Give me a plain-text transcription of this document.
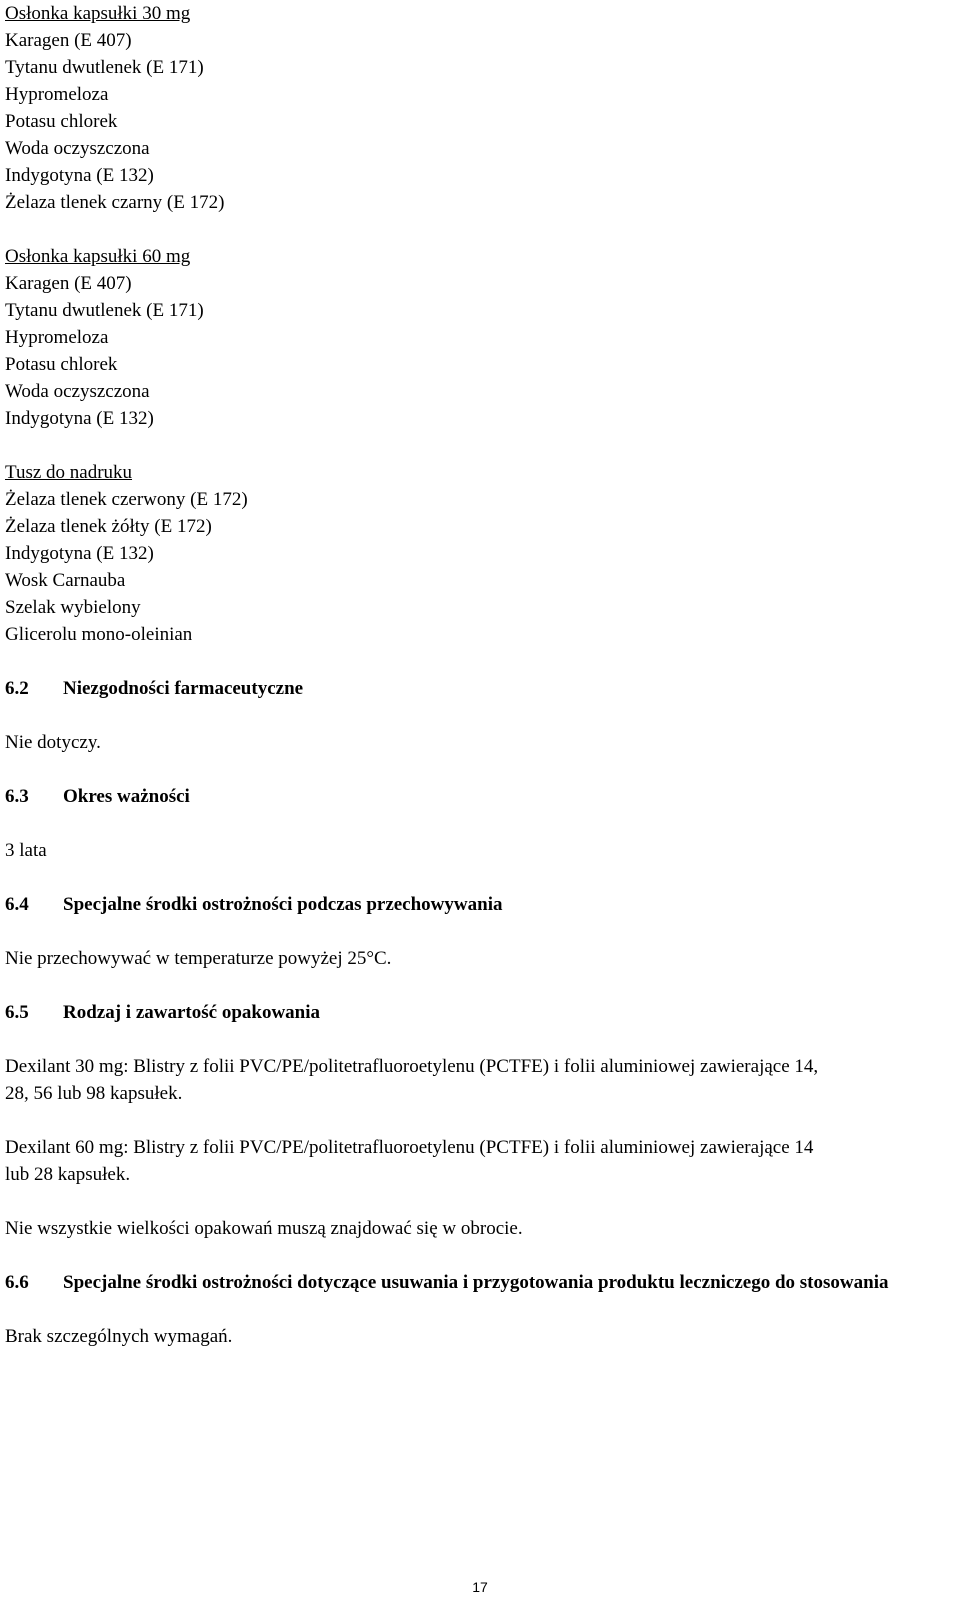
Osłonka kapsułki 30 mg

Karagen (E 407)

Tytanu dwutlenek (E 171)

Hypromeloza

Potasu chlorek

Woda oczyszczona

Indygotyna (E 132)

Żelaza tlenek czarny (E 172)

Osłonka kapsułki 60 mg

Karagen (E 407)

Tytanu dwutlenek (E 171)

Hypromeloza

Potasu chlorek

Woda oczyszczona

Indygotyna (E 132)

Tusz do nadruku

Żelaza tlenek czerwony (E 172)

Żelaza tlenek żółty (E 172)

Indygotyna (E 132)

Wosk Carnauba

Szelak wybielony

Glicerolu mono-oleinian

6.2	Niezgodności farmaceutyczne

Nie dotyczy.

6.3	Okres ważności

3 lata

6.4	Specjalne środki ostrożności podczas przechowywania

Nie przechowywać w temperaturze powyżej 25°C.

6.5	Rodzaj i zawartość opakowania

Dexilant 30 mg: Blistry z folii PVC/PE/politetrafluoroetylenu (PCTFE) i folii aluminiowej zawierające 14, 28, 56 lub 98 kapsułek.

Dexilant 60 mg: Blistry z folii PVC/PE/politetrafluoroetylenu (PCTFE) i folii aluminiowej zawierające 14 lub 28 kapsułek.

Nie wszystkie wielkości opakowań muszą znajdować się w obrocie.

6.6	Specjalne środki ostrożności dotyczące usuwania i przygotowania produktu leczniczego do stosowania

Brak szczególnych wymagań.

17
